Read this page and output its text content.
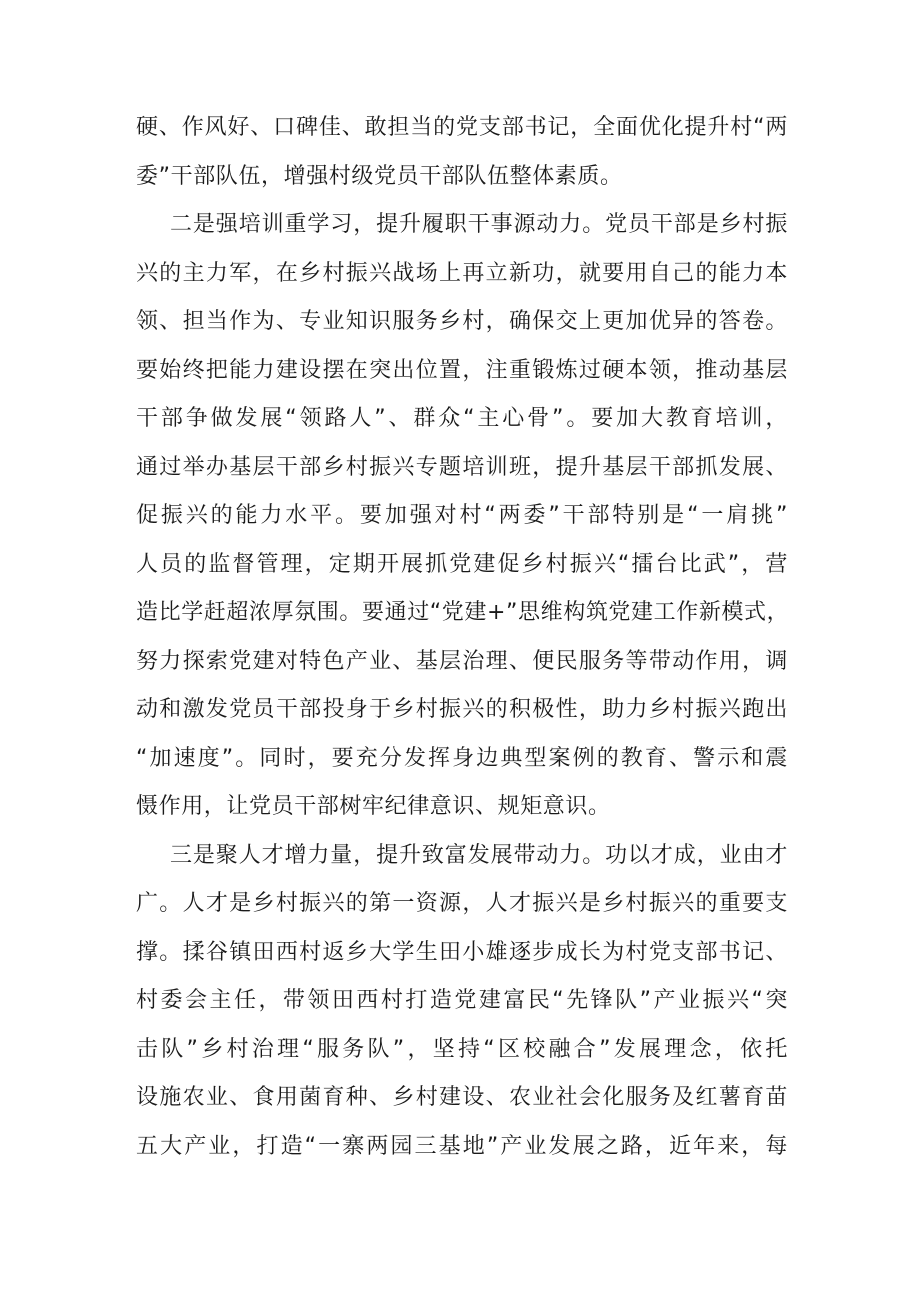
硬、作风好、口碑佳、敢担当的党支部书记，全面优化提升村“两
委”干部队伍，增强村级党员干部队伍整体素质。
二是强培训重学习，提升履职干事源动力。党员干部是乡村振
兴的主力军，在乡村振兴战场上再立新功，就要用自己的能力本
领、担当作为、专业知识服务乡村，确保交上更加优异的答卷。
要始终把能力建设摆在突出位置，注重锻炼过硬本领，推动基层
干部争做发展“领路人”、群众“主心骨”。要加大教育培训，
通过举办基层干部乡村振兴专题培训班，提升基层干部抓发展、
促振兴的能力水平。要加强对村“两委”干部特别是“一肩挑”
人员的监督管理，定期开展抓党建促乡村振兴“擂台比武”，营
造比学赶超浓厚氛围。要通过“党建+”思维构筑党建工作新模式，
努力探索党建对特色产业、基层治理、便民服务等带动作用，调
动和激发党员干部投身于乡村振兴的积极性，助力乡村振兴跑出
“加速度”。同时，要充分发挥身边典型案例的教育、警示和震
慑作用，让党员干部树牢纪律意识、规矩意识。
三是聚人才增力量，提升致富发展带动力。功以才成，业由才
广。人才是乡村振兴的第一资源，人才振兴是乡村振兴的重要支
撑。揉谷镇田西村返乡大学生田小雄逐步成长为村党支部书记、
村委会主任，带领田西村打造党建富民“先锋队”产业振兴“突
击队”乡村治理“服务队”，坚持“区校融合”发展理念，依托
设施农业、食用菌育种、乡村建设、农业社会化服务及红薯育苗
五大产业，打造“一寨两园三基地”产业发展之路，近年来，每
